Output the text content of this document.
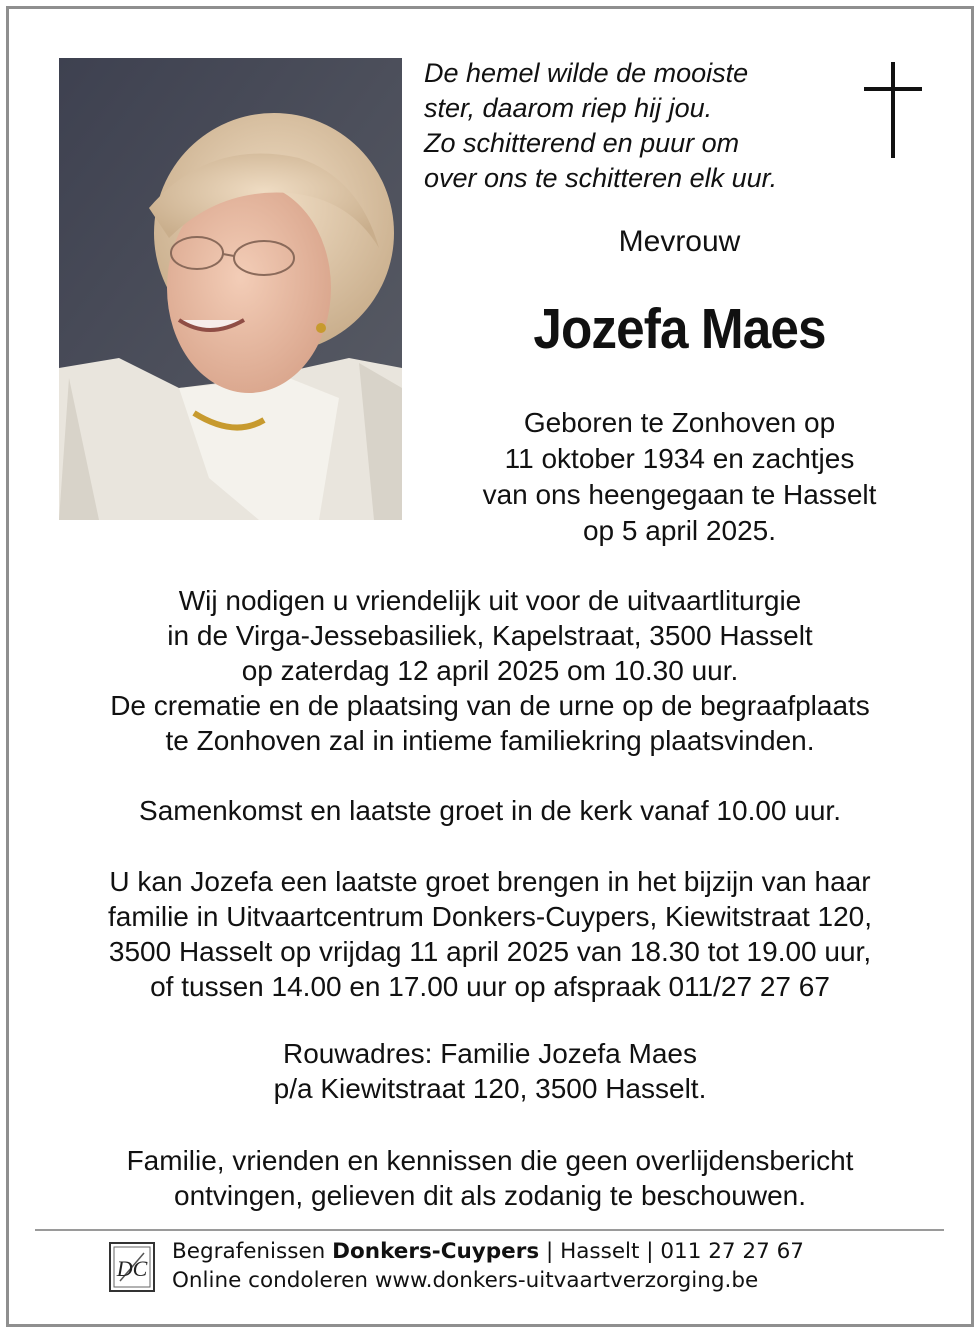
De hemel wilde de mooiste
ster, daarom riep hij jou.
Zo schitterend en puur om
over ons te schitteren elk uur.
Mevrouw
Jozefa Maes
Geboren te Zonhoven op
11 oktober 1934 en zachtjes
van ons heengegaan te Hasselt
op 5 april 2025.
Wij nodigen u vriendelijk uit voor de uitvaartliturgie
in de Virga-Jessebasiliek, Kapelstraat, 3500 Hasselt
op zaterdag 12 april 2025 om 10.30 uur.
De crematie en de plaatsing van de urne op de begraafplaats
te Zonhoven zal in intieme familiekring plaatsvinden.
Samenkomst en laatste groet in de kerk vanaf 10.00 uur.
U kan Jozefa een laatste groet brengen in het bijzijn van haar
familie in Uitvaartcentrum Donkers-Cuypers, Kiewitstraat 120,
3500 Hasselt op vrijdag 11 april 2025 van 18.30 tot 19.00 uur,
of tussen 14.00 en 17.00 uur op afspraak 011/27 27 67
Rouwadres: Familie Jozefa Maes
p/a Kiewitstraat 120, 3500 Hasselt.
Familie, vrienden en kennissen die geen overlijdensbericht
ontvingen, gelieven dit als zodanig te beschouwen.
DC
Begrafenissen Donkers-Cuypers | Hasselt | 011 27 27 67
Online condoleren www.donkers-uitvaartverzorging.be
